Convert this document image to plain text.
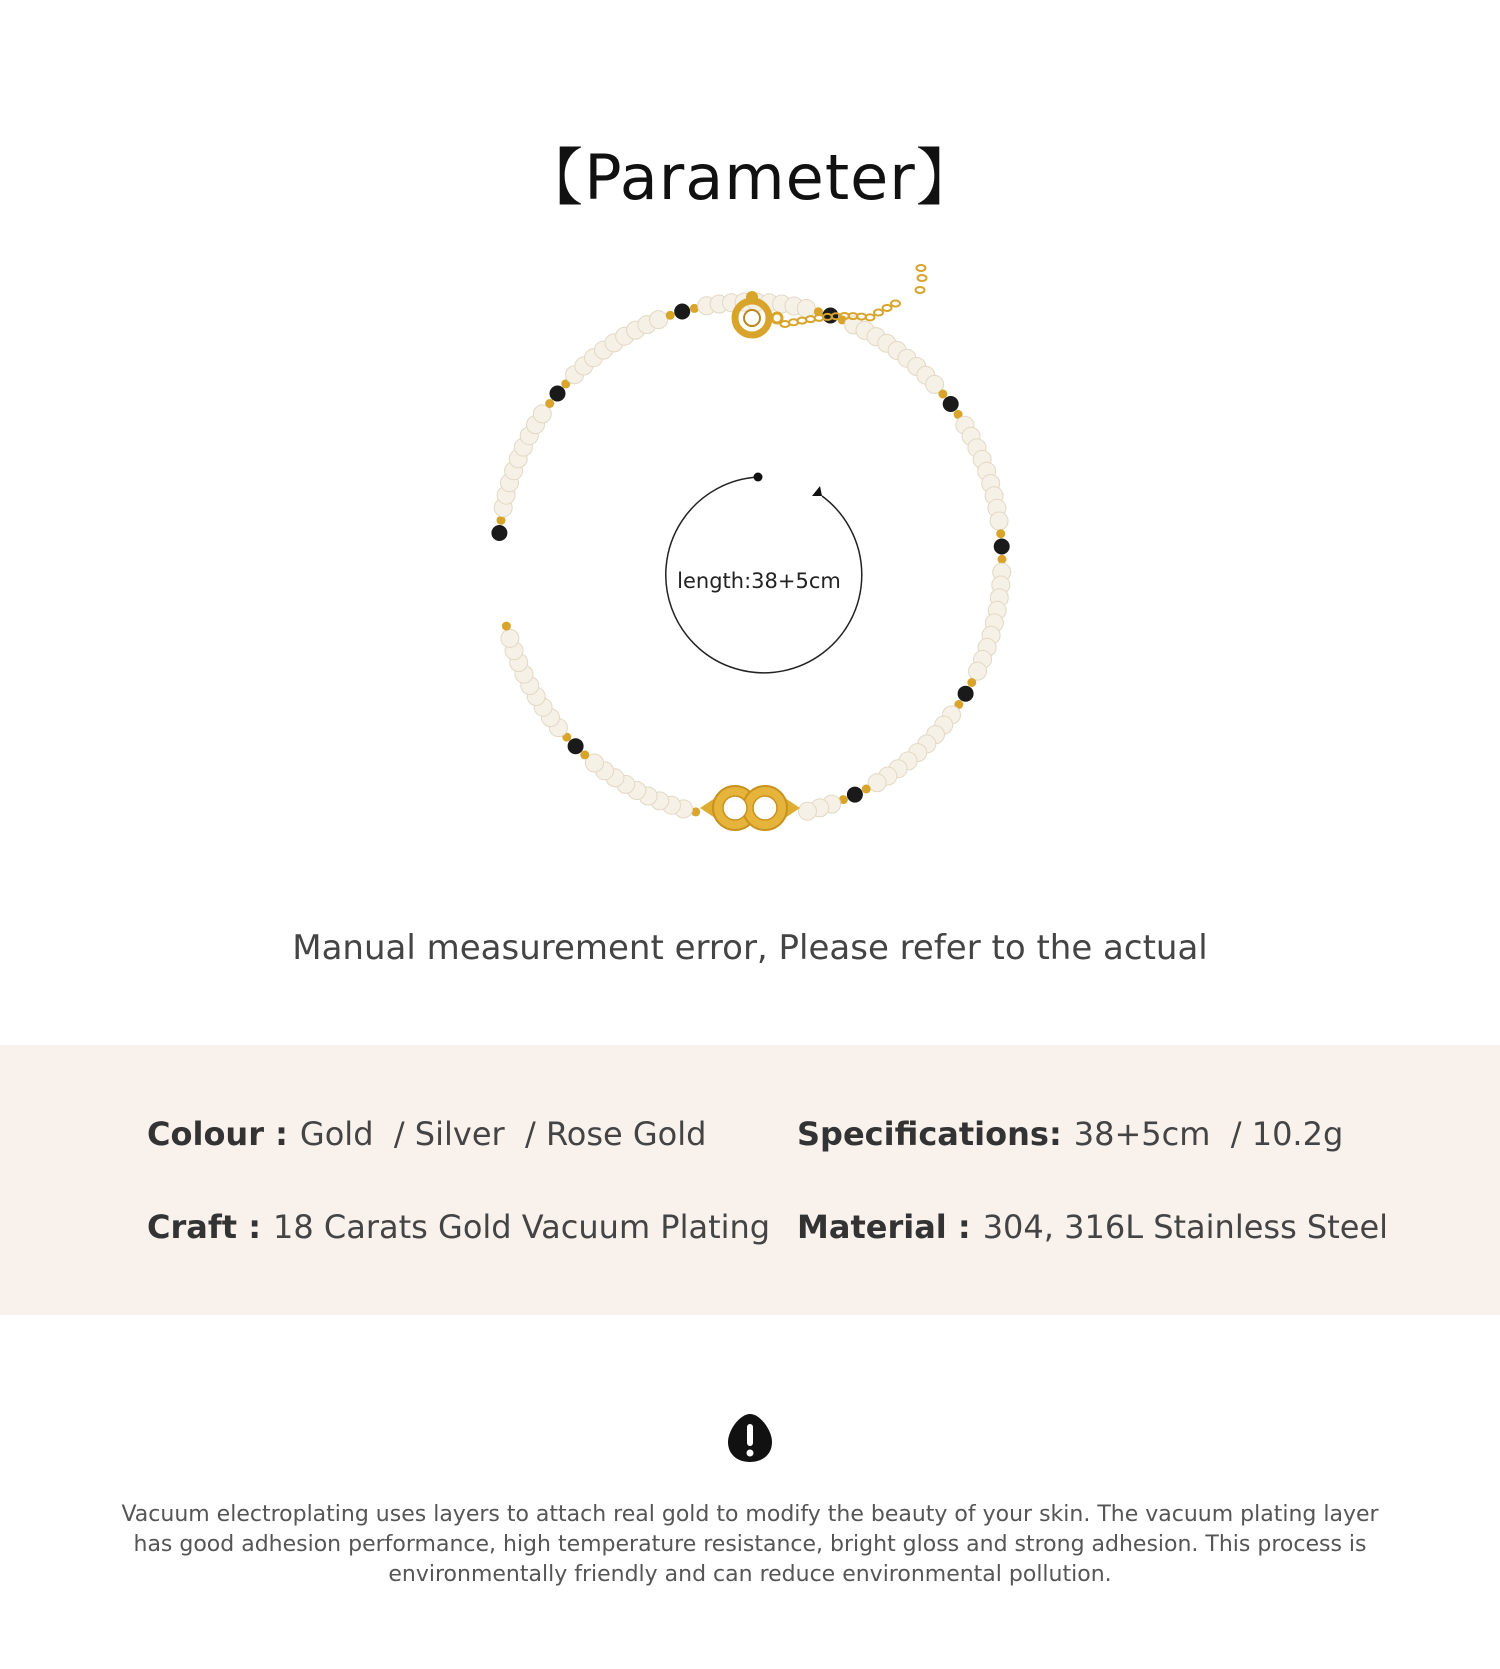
【Parameter】
length:38+5cm
Manual measurement error, Please refer to the actual
Colour : Gold  / Silver  / Rose Gold	Specifications: 38+5cm  / 10.2g
Craft : 18 Carats Gold Vacuum Plating Material : 304, 316L Stainless Steel
Vacuum electroplating uses layers to attach real gold to modify the beauty of your skin. The vacuum plating layer has good adhesion performance, high temperature resistance, bright gloss and strong adhesion. This process is environmentally friendly and can reduce environmental pollution.
